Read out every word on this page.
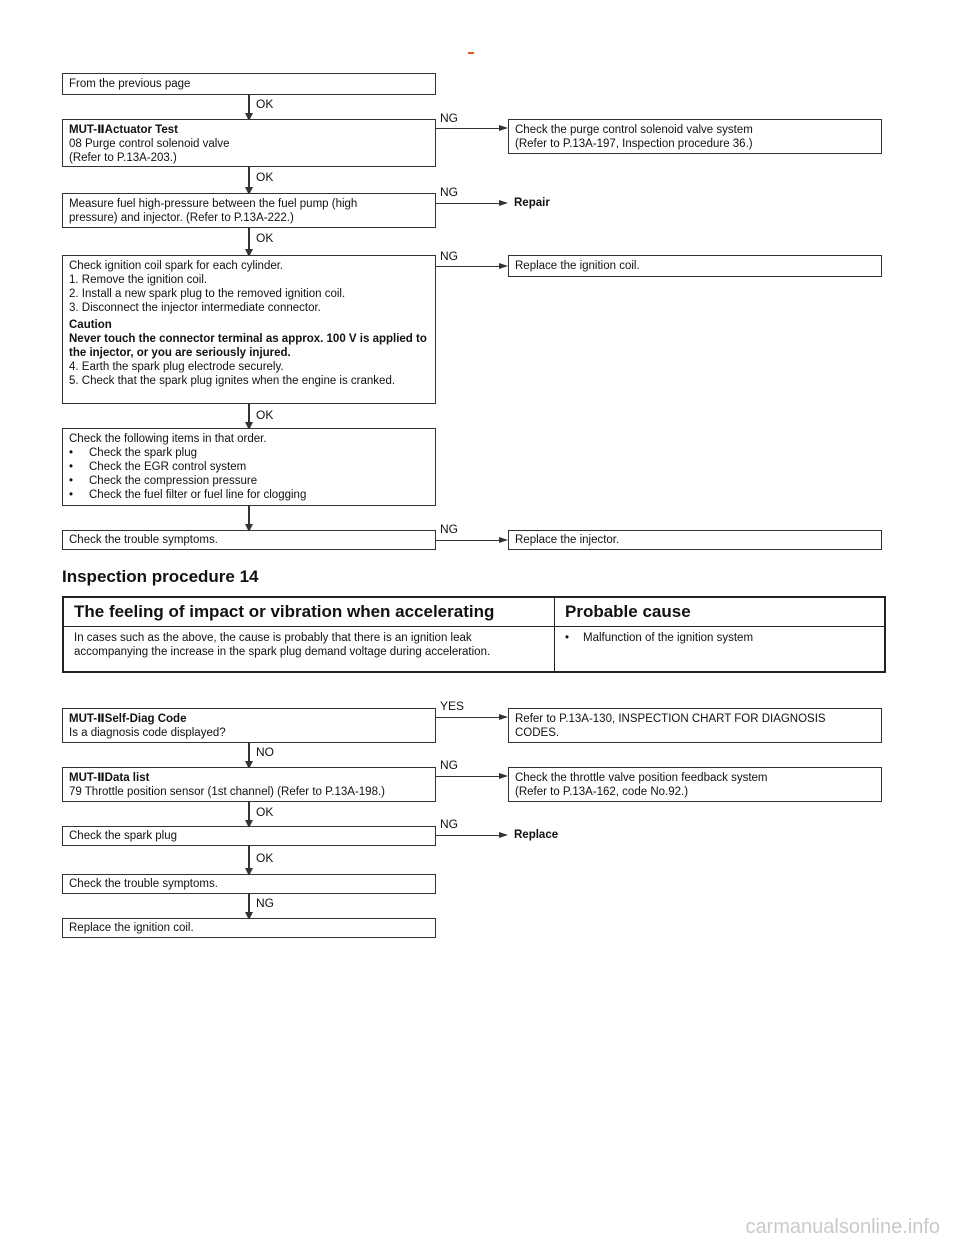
From the previous page
OK
MUT-ⅡActuator Test
08 Purge control solenoid valve
(Refer to P.13A-203.)
NG
Check the purge control solenoid valve system
(Refer to P.13A-197, Inspection procedure 36.)
OK
Measure fuel high-pressure between the fuel pump (high
pressure) and injector. (Refer to P.13A-222.)
NG
Repair
OK
Check ignition coil spark for each cylinder.
1. Remove the ignition coil.
2. Install a new spark plug to the removed ignition coil.
3. Disconnect the injector intermediate connector.
Caution
Never touch the connector terminal as approx. 100 V is applied to the injector, or you are seriously injured.
4. Earth the spark plug electrode securely.
5. Check that the spark plug ignites when the engine is cranked.
NG
Replace the ignition coil.
OK
Check the following items in that order.
• Check the spark plug
• Check the EGR control system
• Check the compression pressure
• Check the fuel filter or fuel line for clogging
Check the trouble symptoms.
NG
Replace the injector.
Inspection procedure 14
The feeling of impact or vibration when accelerating	Probable cause
In cases such as the above, the cause is probably that there is an ignition leak accompanying the increase in the spark plug demand voltage during acceleration.	• Malfunction of the ignition system
MUT-ⅡSelf-Diag Code
Is a diagnosis code displayed?
YES
Refer to P.13A-130, INSPECTION CHART FOR DIAGNOSIS
CODES.
NO
MUT-ⅡData list
79 Throttle position sensor (1st channel) (Refer to P.13A-198.)
NG
Check the throttle valve position feedback system
(Refer to P.13A-162, code No.92.)
OK
Check the spark plug
NG
Replace
OK
Check the trouble symptoms.
NG
Replace the ignition coil.
carmanualsonline.info
